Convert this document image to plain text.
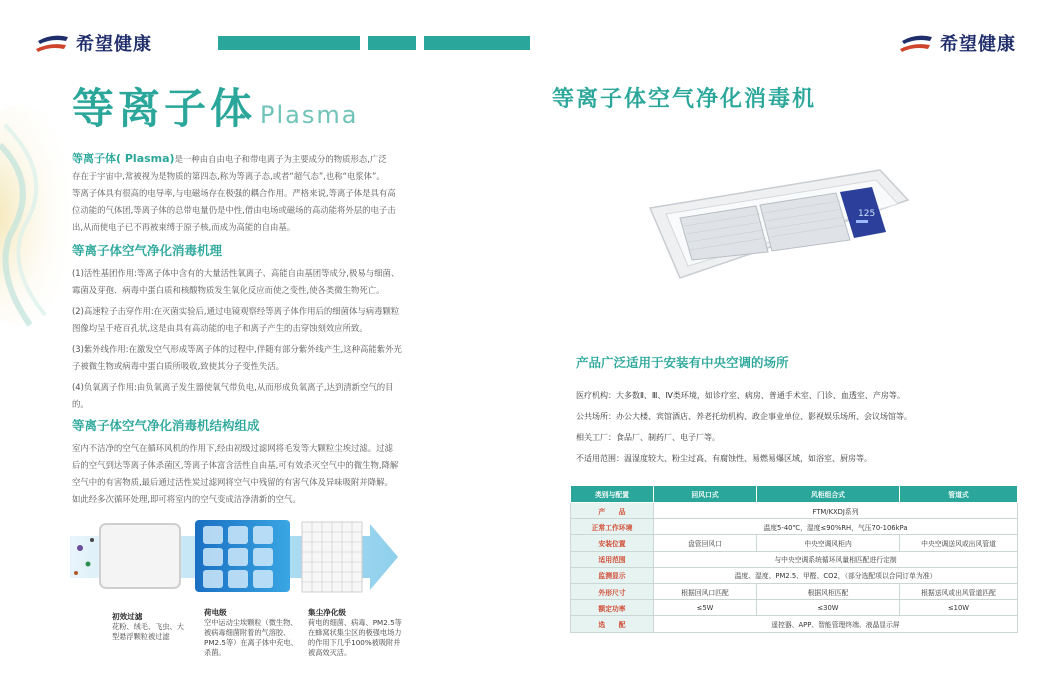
希望健康	希望健康
等离子体 Plasma
等离子体( Plasma)是一种由自由电子和带电离子为主要成分的物质形态,广泛
存在于宇宙中,常被视为是物质的第四态,称为等离子态,或者“超气态”,也称“电浆体”。
等离子体具有很高的电导率,与电磁场存在极强的耦合作用。严格来说,等离子体是具有高
位动能的气体团,等离子体的总带电量仍是中性,借由电场或磁场的高动能将外层的电子击
出,从而使电子已不再被束缚于原子核,而成为高能的自由基。
等离子体空气净化消毒机理
(1)活性基团作用:等离子体中含有的大量活性氧离子、高能自由基团等成分,极易与细菌、
霉菌及芽孢、病毒中蛋白质和核酸物质发生氧化反应而使之变性,使各类微生物死亡。
(2)高速粒子击穿作用:在灭菌实验后,通过电镜观察经等离子体作用后的细菌体与病毒颗粒
图像均呈千疮百孔状,这是由具有高动能的电子和离子产生的击穿蚀刻效应所致。
(3)紫外线作用:在激发空气形成等离子体的过程中,伴随有部分紫外线产生,这种高能紫外光
子被微生物或病毒中蛋白质所吸收,致使其分子变性失活。
(4)负氧离子作用:由负氧离子发生器使氧气带负电,从而形成负氧离子,达到清新空气的目
的。
等离子体空气净化消毒机结构组成
室内不洁净的空气在循环风机的作用下,经由初级过滤网将毛发等大颗粒尘埃过滤。过滤
后的空气到达等离子体杀菌区,等离子体富含活性自由基,可有效杀灭空气中的微生物,降解
空气中的有害物质,最后通过活性炭过滤网将空气中残留的有害气体及异味吸附并降解。
如此经多次循环处理,即可将室内的空气变成洁净清新的空气。
初效过滤
花粉、绒毛、飞虫、大
型悬浮颗粒被过滤
荷电级
空中运动尘埃颗粒（微生物、
被病毒细菌附着的气溶胶、
PM2.5等）在离子体中充电、
杀菌。
集尘净化级
荷电的细菌、病毒、PM2.5等
在蜂窝状集尘区的极强电场力
的作用下几乎100%被吸附并
被高效灭活。
等离子体空气净化消毒机
125
产品广泛适用于安装有中央空调的场所

医疗机构：大多数Ⅱ、Ⅲ、Ⅳ类环境，如诊疗室、病房、普通手术室、门诊、血透室、产房等。

公共场所：办公大楼、宾馆酒店、养老托幼机构、政企事业单位、影视娱乐场所、会议场馆等。

相关工厂：食品厂、制药厂、电子厂等。

不适用范围：温湿度较大、粉尘过高、有腐蚀性、易燃易爆区域，如浴室、厨房等。

类别与配置	回风口式	风柜组合式	管道式
产　　品	FTM/KXDJ系列		
正常工作环境	温度5-40℃，湿度≤90%RH，气压70-106kPa		
安装位置	盘管回风口	中央空调风柜内	中央空调送风或出风管道
适用范围	与中央空调系统循环风量相匹配进行定制		
监测显示	温度、湿度、PM2.5、甲醛、CO2，（部分选配项以合同订单为准）		
外形尺寸	根据回风口匹配	根据风柜匹配	根据送风或出风管道匹配
额定功率	≤5W	≤30W	≤10W
选　　配	遥控器、APP、智能管理终端、液晶显示屏		
